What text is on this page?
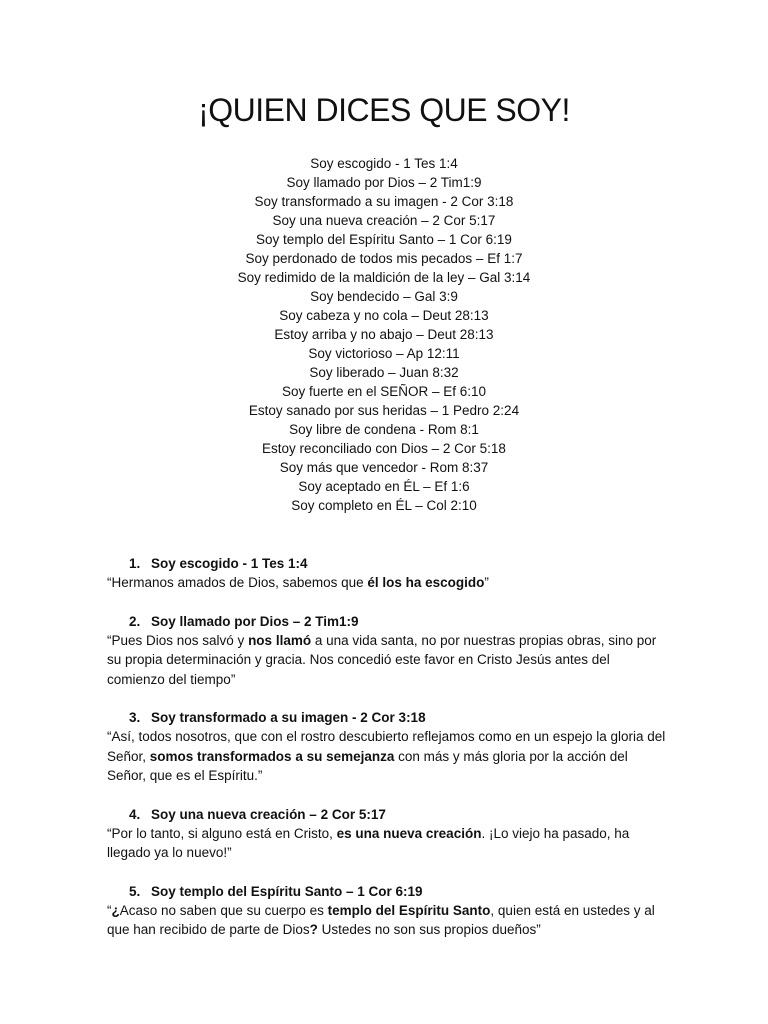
¡QUIEN DICES QUE SOY!
Soy escogido - 1 Tes 1:4
Soy llamado por Dios – 2 Tim1:9
Soy transformado a su imagen - 2 Cor 3:18
Soy una nueva creación – 2 Cor 5:17
Soy templo del Espíritu Santo – 1 Cor 6:19
Soy perdonado de todos mis pecados – Ef 1:7
Soy redimido de la maldición de la ley – Gal 3:14
Soy bendecido – Gal 3:9
Soy cabeza y no cola – Deut 28:13
Estoy arriba y no abajo – Deut 28:13
Soy victorioso – Ap 12:11
Soy liberado – Juan 8:32
Soy fuerte en el SEÑOR – Ef 6:10
Estoy sanado por sus heridas – 1 Pedro 2:24
Soy libre de condena - Rom 8:1
Estoy reconciliado con Dios – 2 Cor 5:18
Soy más que vencedor - Rom 8:37
Soy aceptado en ÉL – Ef 1:6
Soy completo en ÉL – Col 2:10

1. Soy escogido - 1 Tes 1:4

“Hermanos amados de Dios, sabemos que él los ha escogido”

2. Soy llamado por Dios – 2 Tim1:9

“Pues Dios nos salvó y nos llamó a una vida santa, no por nuestras propias obras, sino por su propia determinación y gracia. Nos concedió este favor en Cristo Jesús antes del comienzo del tiempo”

3. Soy transformado a su imagen - 2 Cor 3:18

“Así, todos nosotros, que con el rostro descubierto reflejamos como en un espejo la gloria del Señor, somos transformados a su semejanza con más y más gloria por la acción del Señor, que es el Espíritu.”

4. Soy una nueva creación – 2 Cor 5:17

“Por lo tanto, si alguno está en Cristo, es una nueva creación. ¡Lo viejo ha pasado, ha llegado ya lo nuevo!”

5. Soy templo del Espíritu Santo – 1 Cor 6:19

“¿Acaso no saben que su cuerpo es templo del Espíritu Santo, quien está en ustedes y al que han recibido de parte de Dios? Ustedes no son sus propios dueños”
